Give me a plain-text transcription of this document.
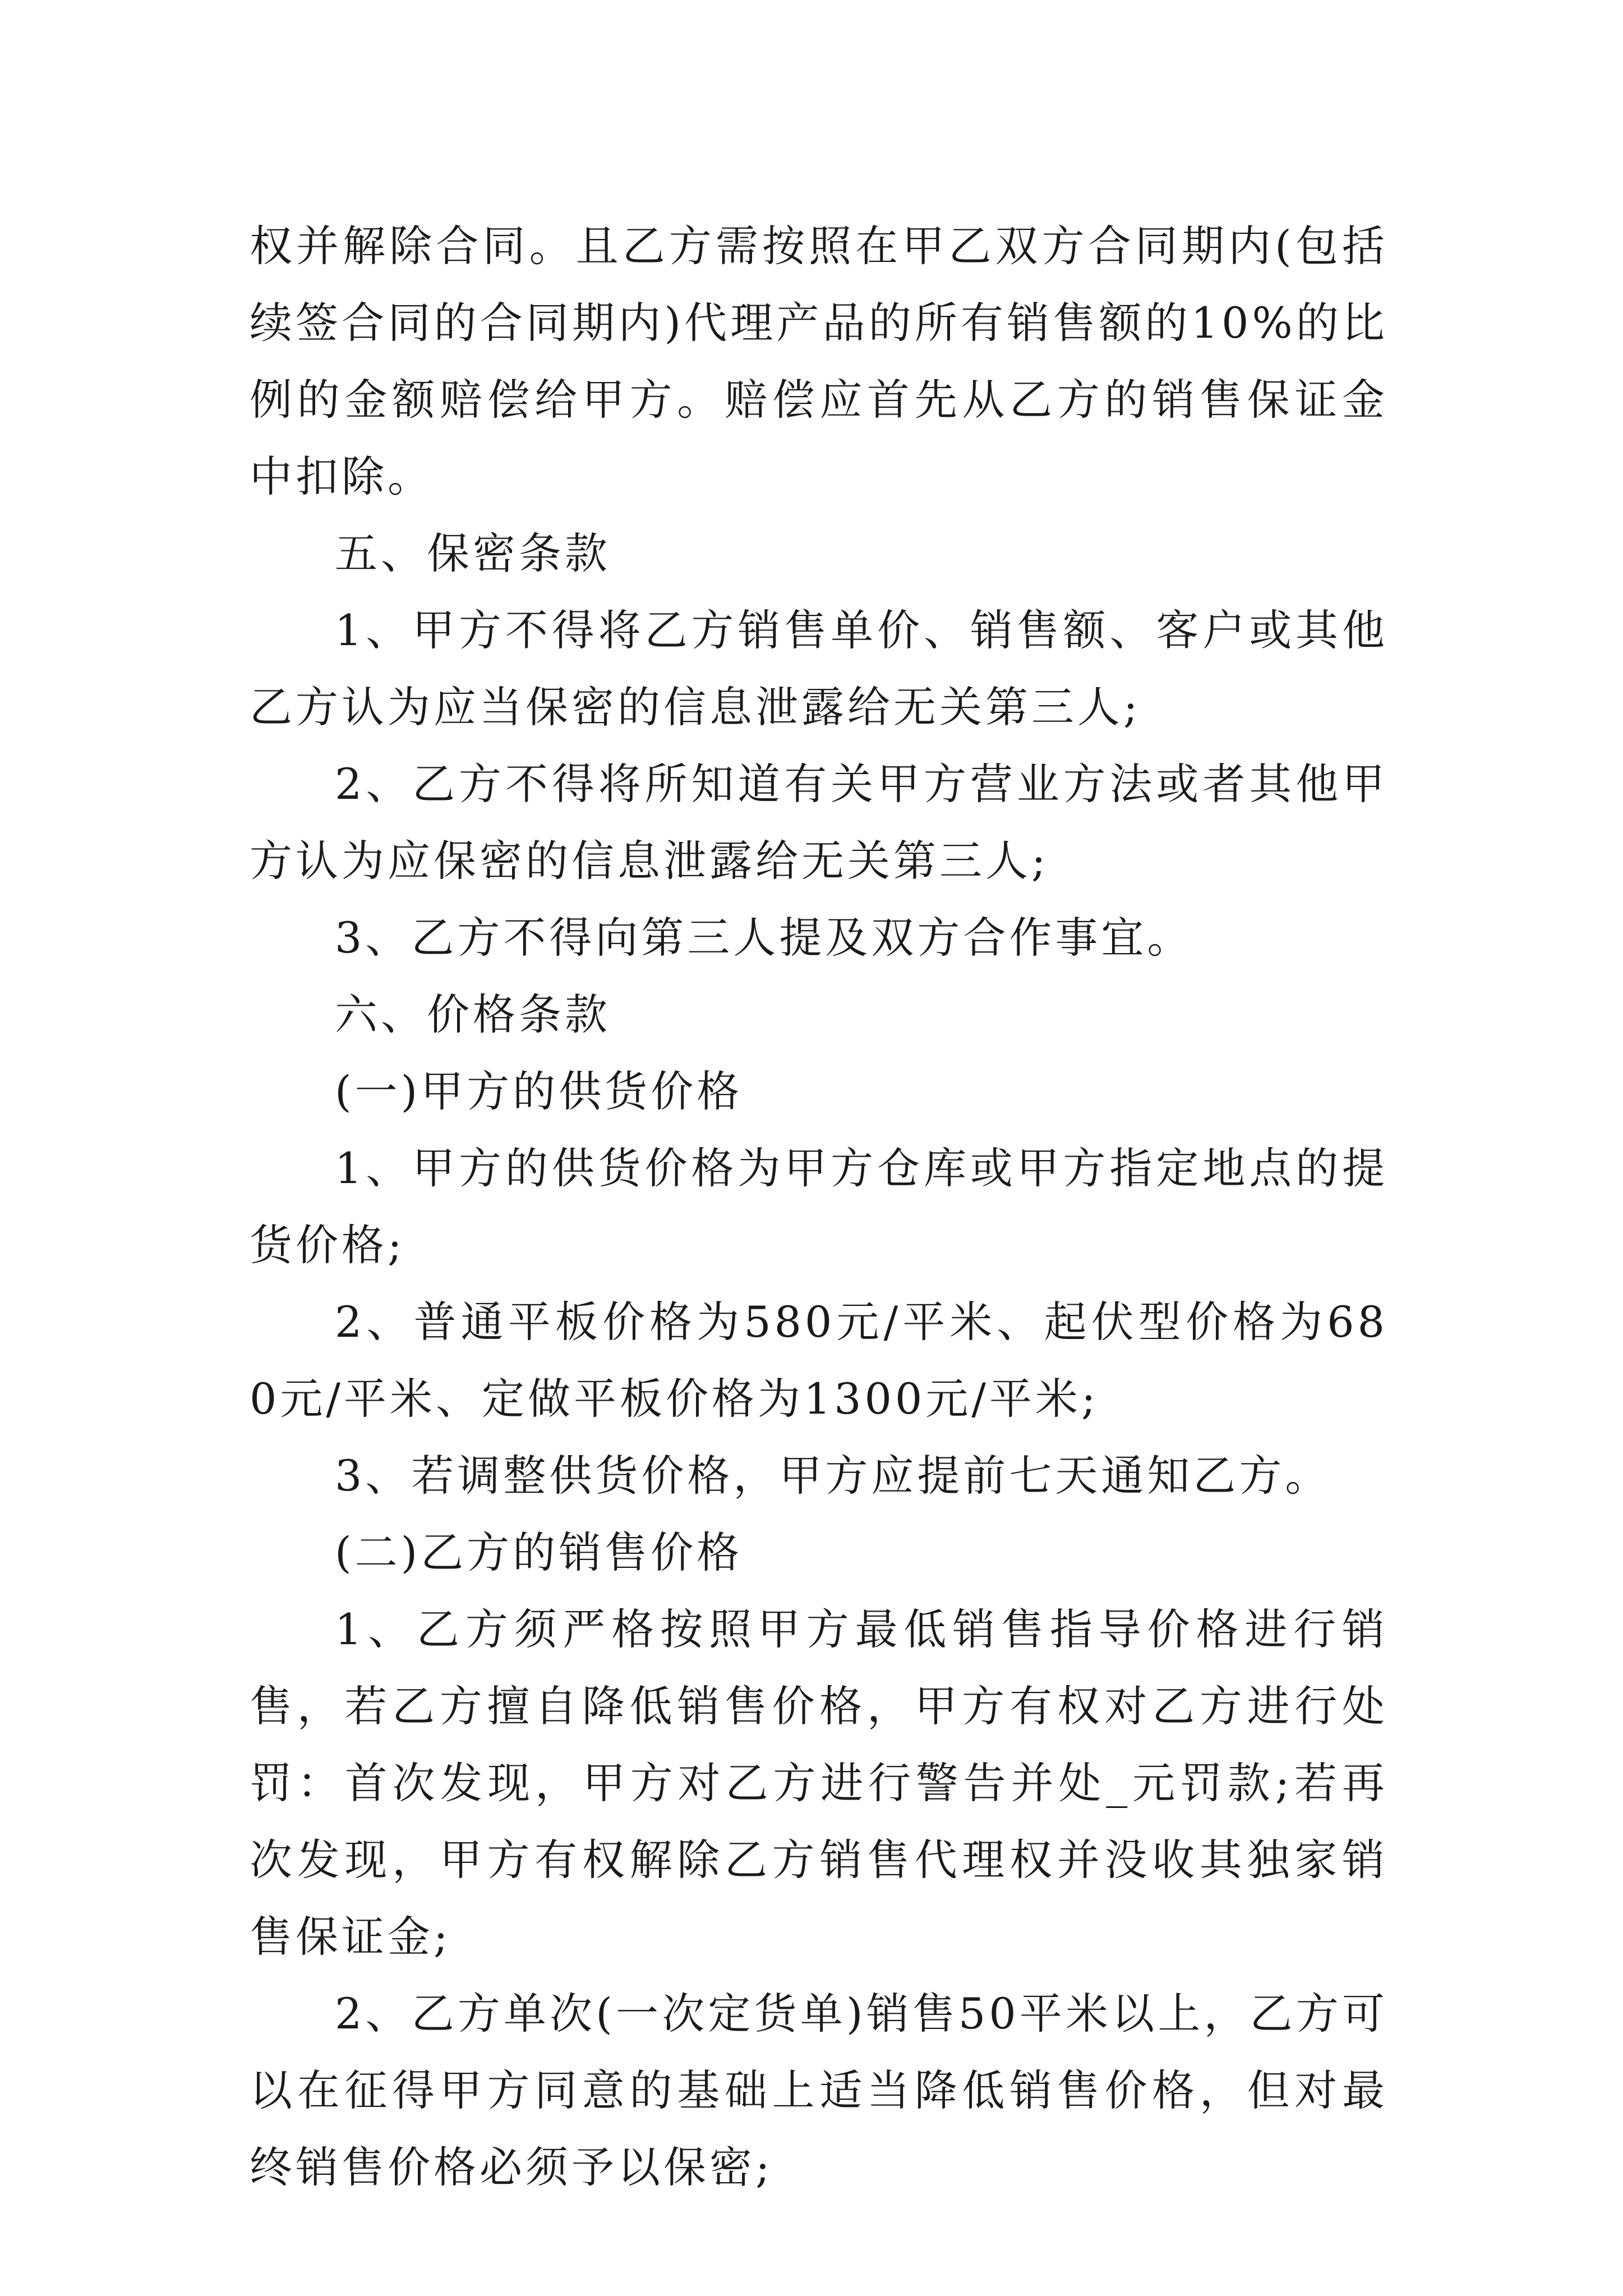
权并解除合同。且乙方需按照在甲乙双方合同期内(包括续签合同的合同期内)代理产品的所有销售额的10%的比例的金额赔偿给甲方。赔偿应首先从乙方的销售保证金中扣除。

五、保密条款

1、甲方不得将乙方销售单价、销售额、客户或其他乙方认为应当保密的信息泄露给无关第三人;

2、乙方不得将所知道有关甲方营业方法或者其他甲方认为应保密的信息泄露给无关第三人;

3、乙方不得向第三人提及双方合作事宜。

六、价格条款

(一)甲方的供货价格

1、甲方的供货价格为甲方仓库或甲方指定地点的提货价格;

2、普通平板价格为580元/平米、起伏型价格为680元/平米、定做平板价格为1300元/平米;

3、若调整供货价格，甲方应提前七天通知乙方。

(二)乙方的销售价格

1、乙方须严格按照甲方最低销售指导价格进行销售，若乙方擅自降低销售价格，甲方有权对乙方进行处罚：首次发现，甲方对乙方进行警告并处_元罚款;若再次发现，甲方有权解除乙方销售代理权并没收其独家销售保证金;

2、乙方单次(一次定货单)销售50平米以上，乙方可以在征得甲方同意的基础上适当降低销售价格，但对最终销售价格必须予以保密;
